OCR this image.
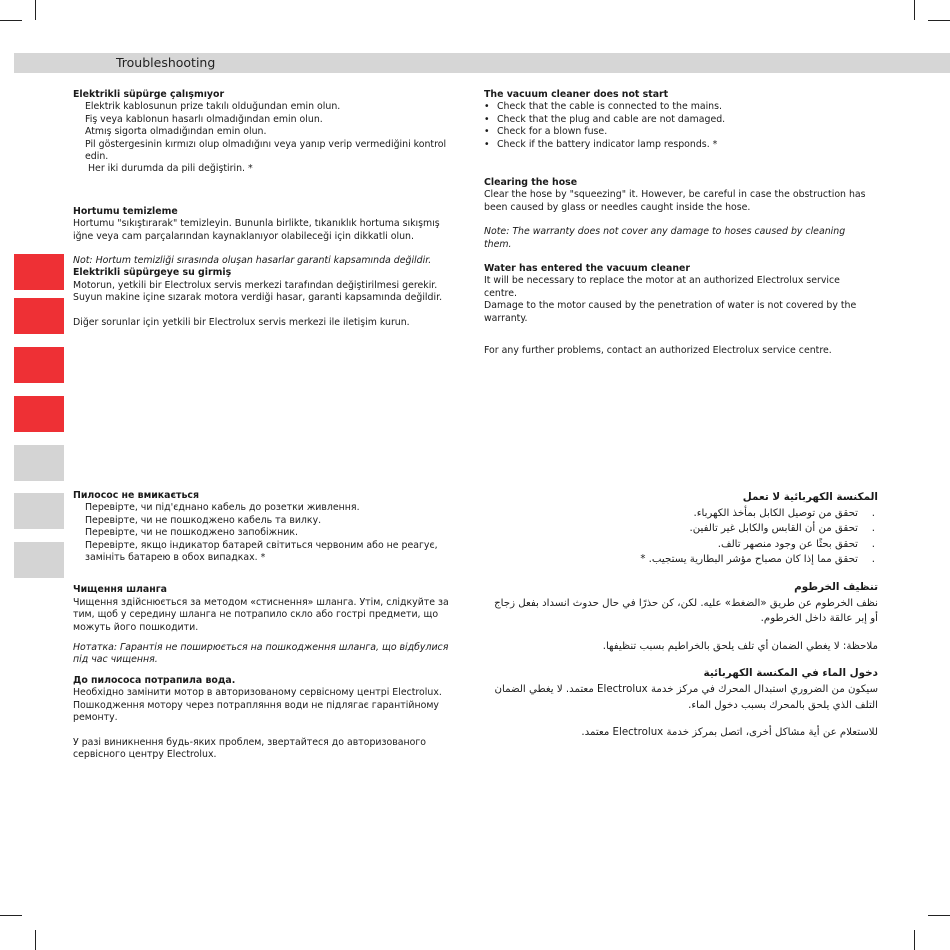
Troubleshooting

Elektrikli süpürge çalışmıyor

Elektrik kablosunun prize takılı olduğundan emin olun.

Fiş veya kablonun hasarlı olmadığından emin olun.

Atmış sigorta olmadığından emin olun.

Pil göstergesinin kırmızı olup olmadığını veya yanıp verip vermediğini kontrol edin.

Her iki durumda da pili değiştirin. *

Hortumu temizleme

Hortumu "sıkıştırarak" temizleyin. Bununla birlikte, tıkanıklık hortuma sıkışmış iğne veya cam parçalarından kaynaklanıyor olabileceği için dikkatli olun.

Not: Hortum temizliği sırasında oluşan hasarlar garanti kapsamında değildir.

Elektrikli süpürgeye su girmiş

Motorun, yetkili bir Electrolux servis merkezi tarafından değiştirilmesi gerekir. Suyun makine içine sızarak motora verdiği hasar, garanti kapsamında değildir.

Diğer sorunlar için yetkili bir Electrolux servis merkezi ile iletişim kurun.

The vacuum cleaner does not start

• Check that the cable is connected to the mains.
• Check that the plug and cable are not damaged.
• Check for a blown fuse.
• Check if the battery indicator lamp responds. *

Clearing the hose

Clear the hose by "squeezing" it. However, be careful in case the obstruction has been caused by glass or needles caught inside the hose.

Note: The warranty does not cover any damage to hoses caused by cleaning them.

Water has entered the vacuum cleaner

It will be necessary to replace the motor at an authorized Electrolux service centre.

Damage to the motor caused by the penetration of water is not covered by the warranty.

For any further problems, contact an authorized Electrolux service centre.

Пилосос не вмикається

Перевірте, чи під'єднано кабель до розетки живлення.

Перевірте, чи не пошкоджено кабель та вилку.

Перевірте, чи не пошкоджено запобіжник.

Перевірте, якщо індикатор батарей світиться червоним або не реагує, замініть батарею в обох випадках. *

Чищення шланга

Чищення здійснюється за методом «стиснення» шланга. Утім, слідкуйте за тим, щоб у середину шланга не потрапило скло або гострі предмети, що можуть його пошкодити.

Нотатка: Гарантія не поширюється на пошкодження шланга, що відбулися під час чищення.

До пилососа потрапила вода.

Необхідно замінити мотор в авторизованому сервісному центрі Electrolux.

Пошкодження мотору через потрапляння води не підлягає гарантійному ремонту.

У разі виникнення будь-яких проблем, звертайтеся до авторизованого сервісного центру Electrolux.

المكنسة الكهربائية لا تعمل

. تحقق من توصيل الكابل بمأخذ الكهرباء.
. تحقق من أن القابس والكابل غير تالفين.
. تحقق بحثًا عن وجود منصهر تالف.
. تحقق مما إذا كان مصباح مؤشر البطارية يستجيب. *

تنظيف الخرطوم

نظف الخرطوم عن طريق «الضغط» عليه. لكن، كن حذرًا في حال حدوث انسداد بفعل زجاج أو إبر عالقة داخل الخرطوم.

ملاحظة: لا يغطي الضمان أي تلف يلحق بالخراطيم بسبب تنظيفها.

دخول الماء في المكنسة الكهربائية

سيكون من الضروري استبدال المحرك في مركز خدمة Electrolux معتمد. لا يغطي الضمان التلف الذي يلحق بالمحرك بسبب دخول الماء.

للاستعلام عن أية مشاكل أخرى، اتصل بمركز خدمة Electrolux معتمد.
